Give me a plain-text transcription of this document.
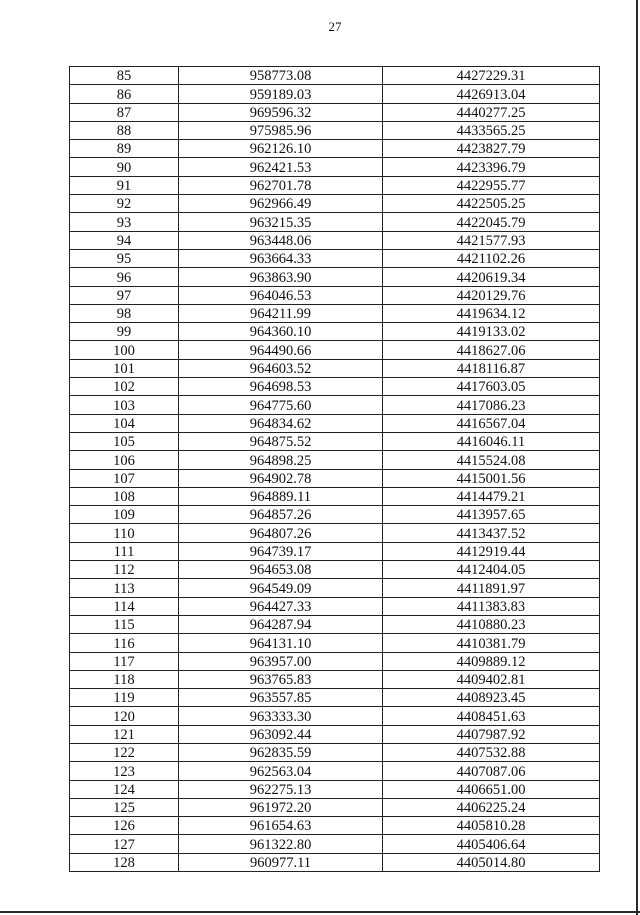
27
85	958773.08	4427229.31
86	959189.03	4426913.04
87	969596.32	4440277.25
88	975985.96	4433565.25
89	962126.10	4423827.79
90	962421.53	4423396.79
91	962701.78	4422955.77
92	962966.49	4422505.25
93	963215.35	4422045.79
94	963448.06	4421577.93
95	963664.33	4421102.26
96	963863.90	4420619.34
97	964046.53	4420129.76
98	964211.99	4419634.12
99	964360.10	4419133.02
100	964490.66	4418627.06
101	964603.52	4418116.87
102	964698.53	4417603.05
103	964775.60	4417086.23
104	964834.62	4416567.04
105	964875.52	4416046.11
106	964898.25	4415524.08
107	964902.78	4415001.56
108	964889.11	4414479.21
109	964857.26	4413957.65
110	964807.26	4413437.52
111	964739.17	4412919.44
112	964653.08	4412404.05
113	964549.09	4411891.97
114	964427.33	4411383.83
115	964287.94	4410880.23
116	964131.10	4410381.79
117	963957.00	4409889.12
118	963765.83	4409402.81
119	963557.85	4408923.45
120	963333.30	4408451.63
121	963092.44	4407987.92
122	962835.59	4407532.88
123	962563.04	4407087.06
124	962275.13	4406651.00
125	961972.20	4406225.24
126	961654.63	4405810.28
127	961322.80	4405406.64
128	960977.11	4405014.80
